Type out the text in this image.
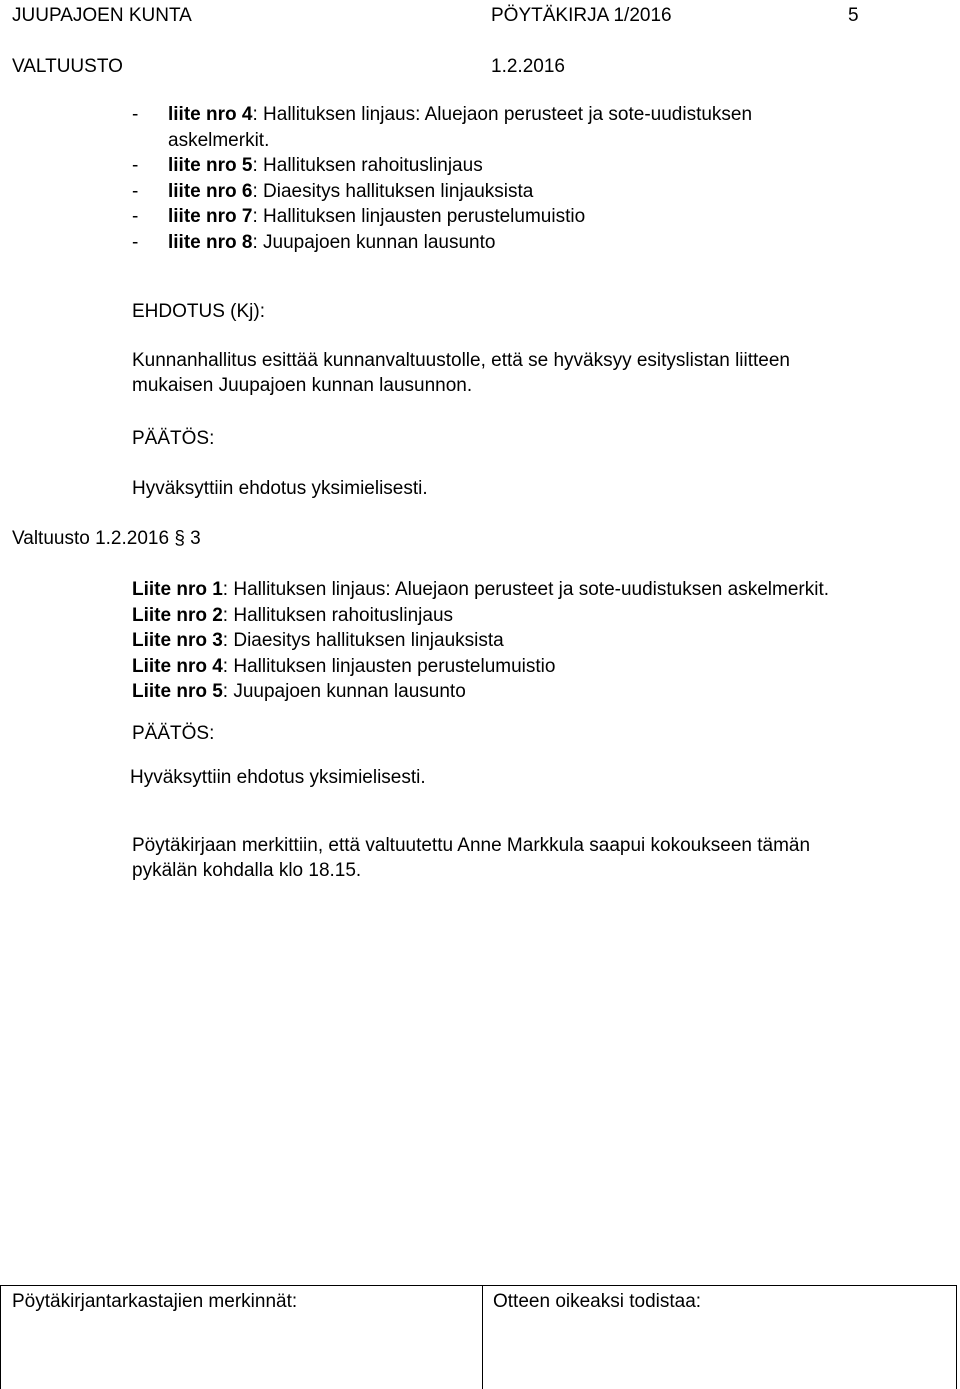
JUUPAJOEN KUNTA	PÖYTÄKIRJA 1/2016	5
VALTUUSTO	1.2.2016
- liite nro 4: Hallituksen linjaus: Aluejaon perusteet ja sote-uudistuksen
askelmerkit.
- liite nro 5: Hallituksen rahoituslinjaus
- liite nro 6: Diaesitys hallituksen linjauksista
- liite nro 7: Hallituksen linjausten perustelumuistio
- liite nro 8: Juupajoen kunnan lausunto
EHDOTUS (Kj):
Kunnanhallitus esittää kunnanvaltuustolle, että se hyväksyy esityslistan liitteen
mukaisen Juupajoen kunnan lausunnon.
PÄÄTÖS:
Hyväksyttiin ehdotus yksimielisesti.
Valtuusto 1.2.2016 § 3
Liite nro 1: Hallituksen linjaus: Aluejaon perusteet ja sote-uudistuksen askelmerkit.
Liite nro 2: Hallituksen rahoituslinjaus
Liite nro 3: Diaesitys hallituksen linjauksista
Liite nro 4: Hallituksen linjausten perustelumuistio
Liite nro 5: Juupajoen kunnan lausunto
PÄÄTÖS:
Hyväksyttiin ehdotus yksimielisesti.
Pöytäkirjaan merkittiin, että valtuutettu Anne Markkula saapui kokoukseen tämän
pykälän kohdalla klo 18.15.
Pöytäkirjantarkastajien merkinnät:	Otteen oikeaksi todistaa:
